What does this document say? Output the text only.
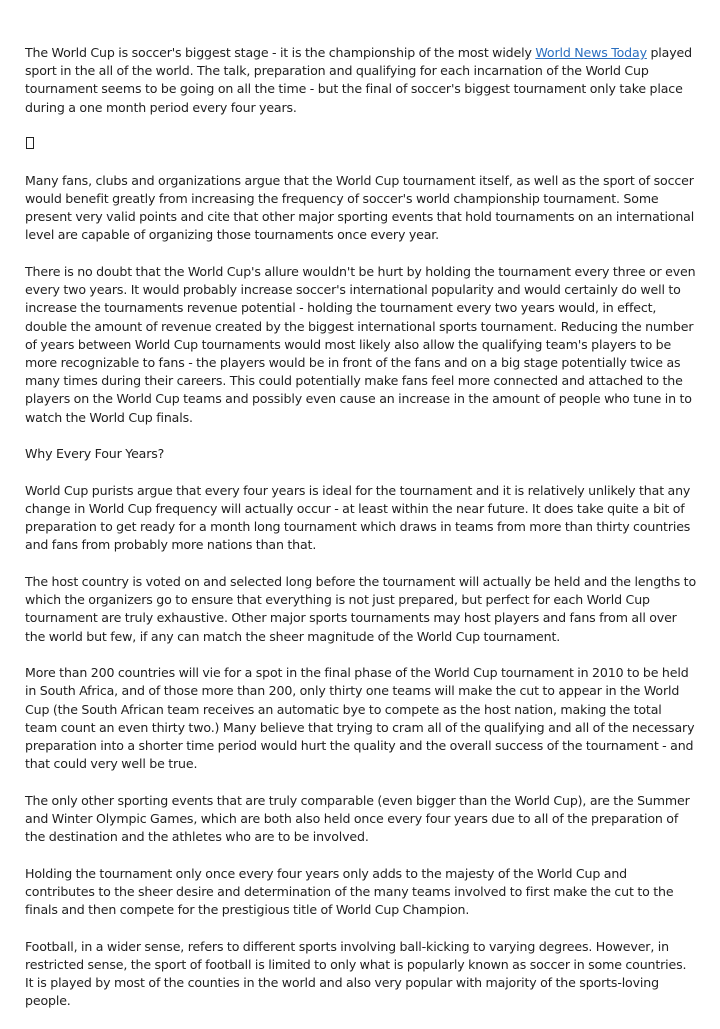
The World Cup is soccer's biggest stage - it is the championship of the most widely World News Today played sport in the all of the world. The talk, preparation and qualifying for each incarnation of the World Cup tournament seems to be going on all the time - but the final of soccer's biggest tournament only take place during a one month period every four years.

Many fans, clubs and organizations argue that the World Cup tournament itself, as well as the sport of soccer would benefit greatly from increasing the frequency of soccer's world championship tournament. Some present very valid points and cite that other major sporting events that hold tournaments on an international level are capable of organizing those tournaments once every year.

There is no doubt that the World Cup's allure wouldn't be hurt by holding the tournament every three or even every two years. It would probably increase soccer's international popularity and would certainly do well to increase the tournaments revenue potential - holding the tournament every two years would, in effect, double the amount of revenue created by the biggest international sports tournament. Reducing the number of years between World Cup tournaments would most likely also allow the qualifying team's players to be more recognizable to fans - the players would be in front of the fans and on a big stage potentially twice as many times during their careers. This could potentially make fans feel more connected and attached to the players on the World Cup teams and possibly even cause an increase in the amount of people who tune in to watch the World Cup finals.

Why Every Four Years?

World Cup purists argue that every four years is ideal for the tournament and it is relatively unlikely that any change in World Cup frequency will actually occur - at least within the near future. It does take quite a bit of preparation to get ready for a month long tournament which draws in teams from more than thirty countries and fans from probably more nations than that.

The host country is voted on and selected long before the tournament will actually be held and the lengths to which the organizers go to ensure that everything is not just prepared, but perfect for each World Cup tournament are truly exhaustive. Other major sports tournaments may host players and fans from all over the world but few, if any can match the sheer magnitude of the World Cup tournament.

More than 200 countries will vie for a spot in the final phase of the World Cup tournament in 2010 to be held in South Africa, and of those more than 200, only thirty one teams will make the cut to appear in the World Cup (the South African team receives an automatic bye to compete as the host nation, making the total team count an even thirty two.) Many believe that trying to cram all of the qualifying and all of the necessary preparation into a shorter time period would hurt the quality and the overall success of the tournament - and that could very well be true.

The only other sporting events that are truly comparable (even bigger than the World Cup), are the Summer and Winter Olympic Games, which are both also held once every four years due to all of the preparation of the destination and the athletes who are to be involved.

Holding the tournament only once every four years only adds to the majesty of the World Cup and contributes to the sheer desire and determination of the many teams involved to first make the cut to the finals and then compete for the prestigious title of World Cup Champion.

Football, in a wider sense, refers to different sports involving ball-kicking to varying degrees. However, in restricted sense, the sport of football is limited to only what is popularly known as soccer in some countries. It is played by most of the counties in the world and also very popular with majority of the sports-loving people.
